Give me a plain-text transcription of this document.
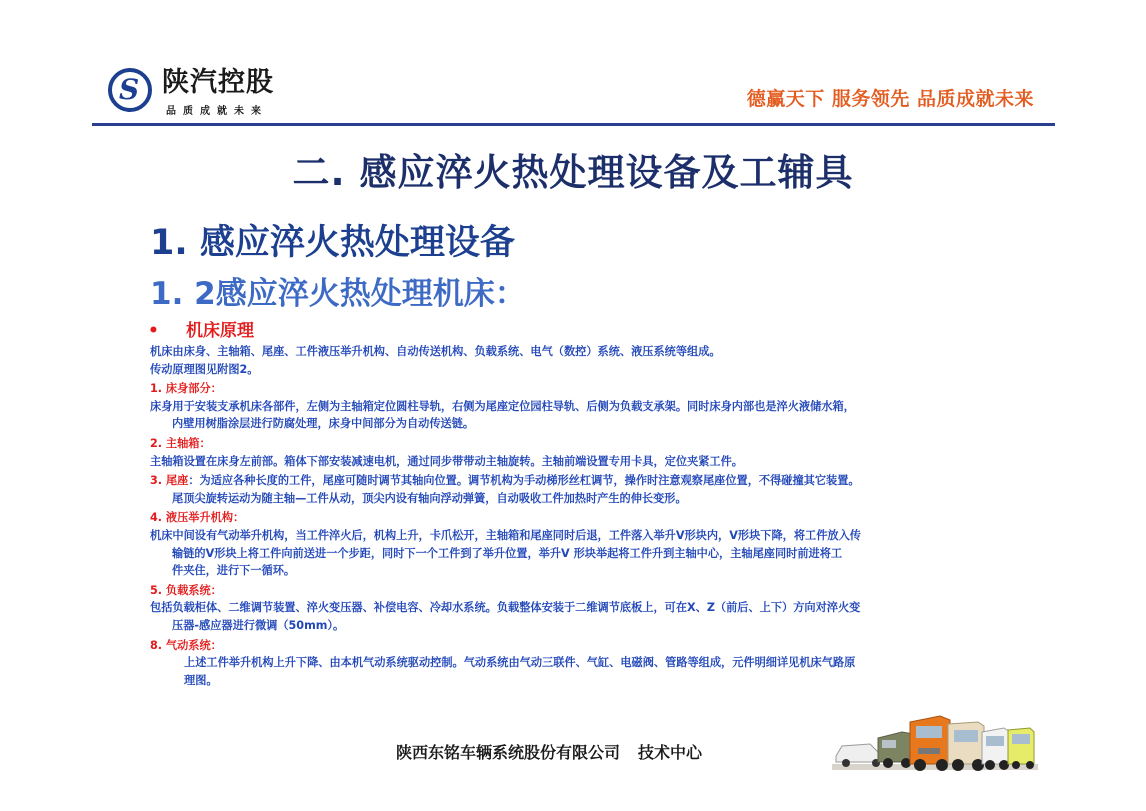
S 陕汽控股
品质成就未来
德赢天下 服务领先 品质成就未来
二. 感应淬火热处理设备及工辅具
1. 感应淬火热处理设备
1. 2感应淬火热处理机床：
• 机床原理

机床由床身、主轴箱、尾座、工件液压举升机构、自动传送机构、负载系统、电气（数控）系统、液压系统等组成。

传动原理图见附图2。

1. 床身部分：

床身用于安装支承机床各部件，左侧为主轴箱定位圆柱导轨，右侧为尾座定位园柱导轨、后侧为负载支承架。同时床身内部也是淬火液储水箱，

内壁用树脂涂层进行防腐处理，床身中间部分为自动传送链。

2. 主轴箱：

主轴箱设置在床身左前部。箱体下部安装减速电机，通过同步带带动主轴旋转。主轴前端设置专用卡具，定位夹紧工件。

3. 尾座：为适应各种长度的工件，尾座可随时调节其轴向位置。调节机构为手动梯形丝杠调节，操作时注意观察尾座位置，不得碰撞其它装置。

尾顶尖旋转运动为随主轴—工件从动，顶尖内设有轴向浮动弹簧，自动吸收工件加热时产生的伸长变形。

4. 液压举升机构：

机床中间设有气动举升机构，当工件淬火后，机构上升，卡爪松开，主轴箱和尾座同时后退，工件落入举升V形块内，V形块下降，将工件放入传

输链的V形块上将工件向前送进一个步距，同时下一个工件到了举升位置，举升V 形块举起将工件升到主轴中心，主轴尾座同时前进将工

件夹住，进行下一循环。

5. 负载系统：

包括负载柜体、二维调节装置、淬火变压器、补偿电容、冷却水系统。负载整体安装于二维调节底板上，可在X、Z（前后、上下）方向对淬火变

压器-感应器进行微调（50mm）。

8. 气动系统：

上述工件举升机构上升下降、由本机气动系统驱动控制。气动系统由气动三联件、气缸、电磁阀、管路等组成，元件明细详见机床气路原

理图。

陕西东铭车辆系统股份有限公司 技术中心
